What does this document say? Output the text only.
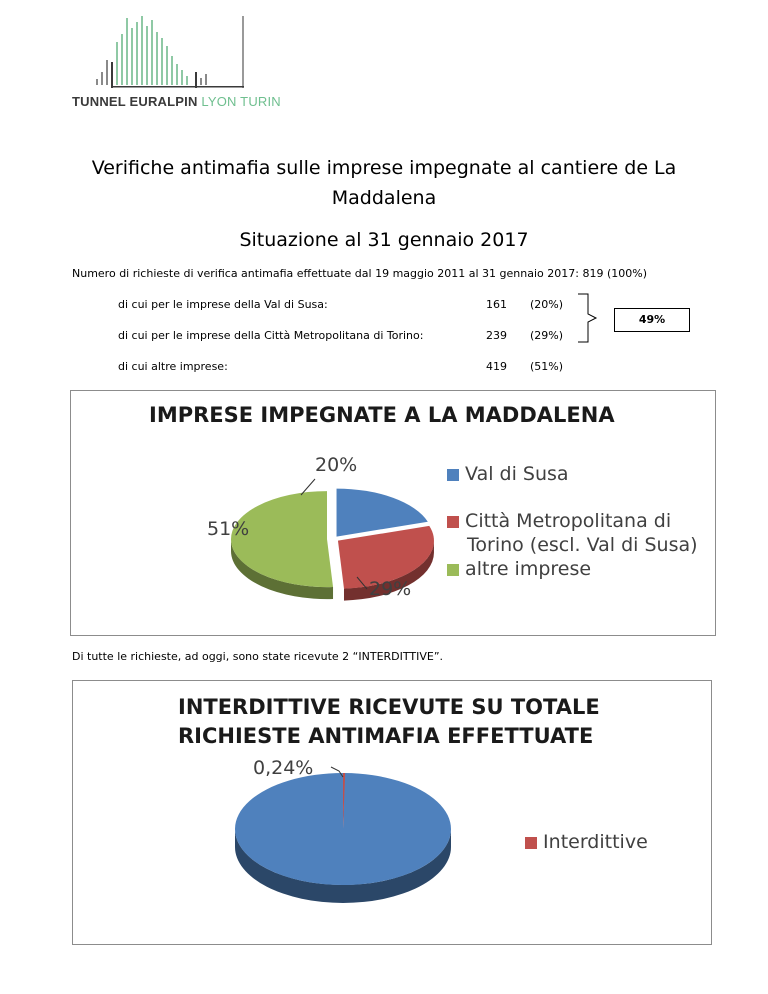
TUNNEL EURALPIN LYON TURIN
Verifiche antimafia sulle imprese impegnate al cantiere de La
Maddalena
Situazione al 31 gennaio 2017
Numero di richieste di verifica antimafia effettuate dal 19 maggio 2011 al 31 gennaio 2017: 819 (100%)
di cui per le imprese della Val di Susa:	161 (20%)
di cui per le imprese della Città Metropolitana di Torino:	239 (29%)
di cui altre imprese:	419 (51%)
49%
IMPRESE IMPEGNATE A LA MADDALENA
20%
29%
51%
Val di Susa
Città Metropolitana di
Torino (escl. Val di Susa)
altre imprese
Di tutte le richieste, ad oggi, sono state ricevute 2 “INTERDITTIVE”.
INTERDITTIVE RICEVUTE SU TOTALE
RICHIESTE ANTIMAFIA EFFETTUATE
0,24%
Interdittive
